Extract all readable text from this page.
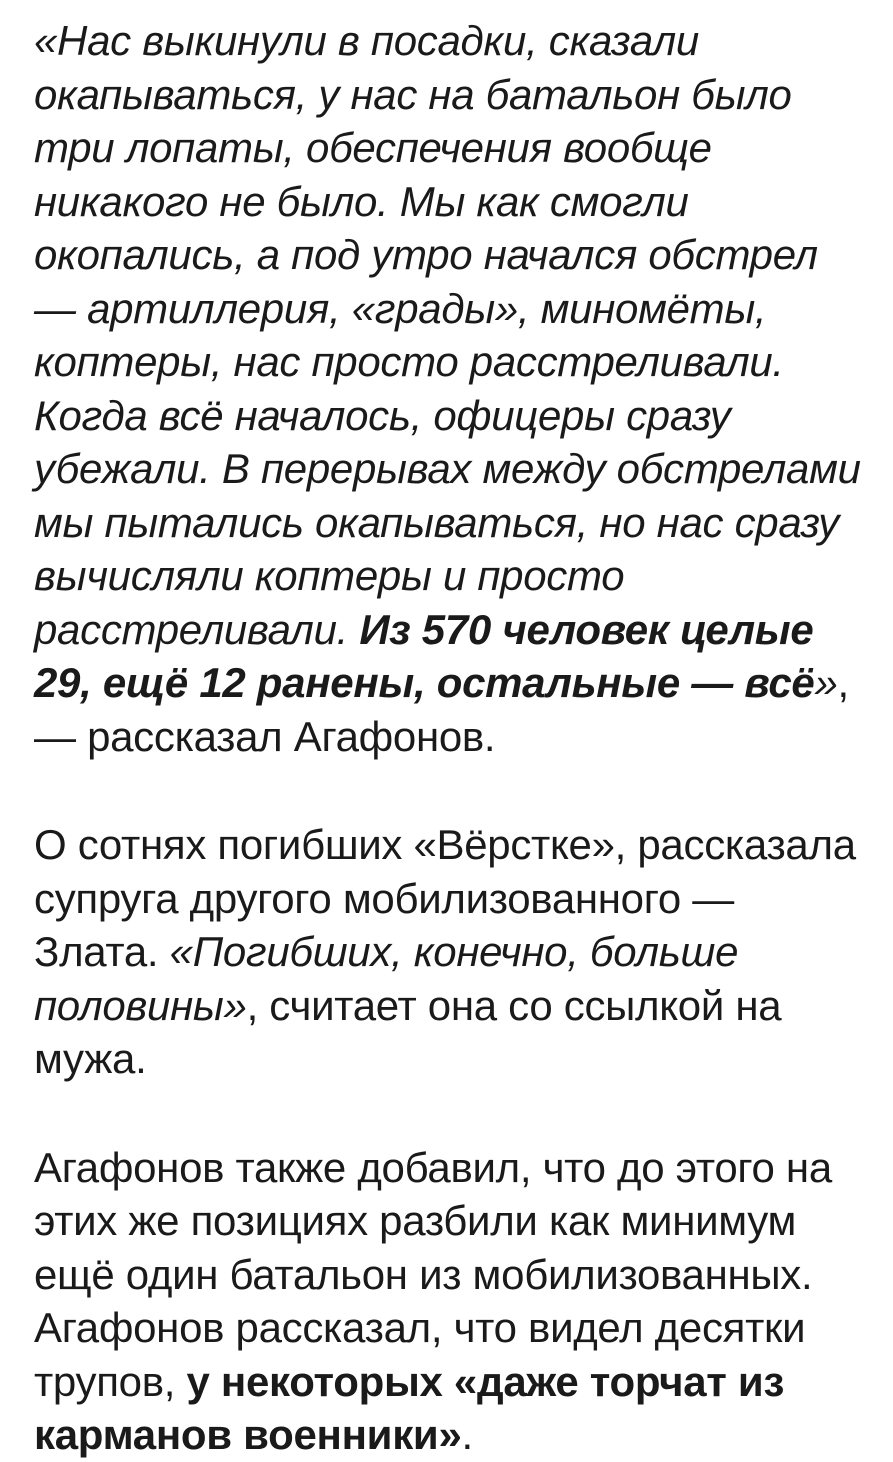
«Нас выкинули в посадки, сказали окапываться, у нас на батальон было три лопаты, обеспечения вообще никакого не было. Мы как смогли окопались, а под утро начался обстрел — артиллерия, «грады», миномёты, коптеры, нас просто расстреливали. Когда всё началось, офицеры сразу убежали. В перерывах между обстрелами мы пытались окапываться, но нас сразу вычисляли коптеры и просто расстреливали. Из 570 человек целые 29, ещё 12 ранены, остальные — всё», — рассказал Агафонов.

О сотнях погибших «Вёрстке», рассказала супруга другого мобилизованного — Злата. «Погибших, конечно, больше половины», считает она со ссылкой на мужа.

Агафонов также добавил, что до этого на этих же позициях разбили как минимум ещё один батальон из мобилизованных. Агафонов рассказал, что видел десятки трупов, у некоторых «даже торчат из карманов военники».
